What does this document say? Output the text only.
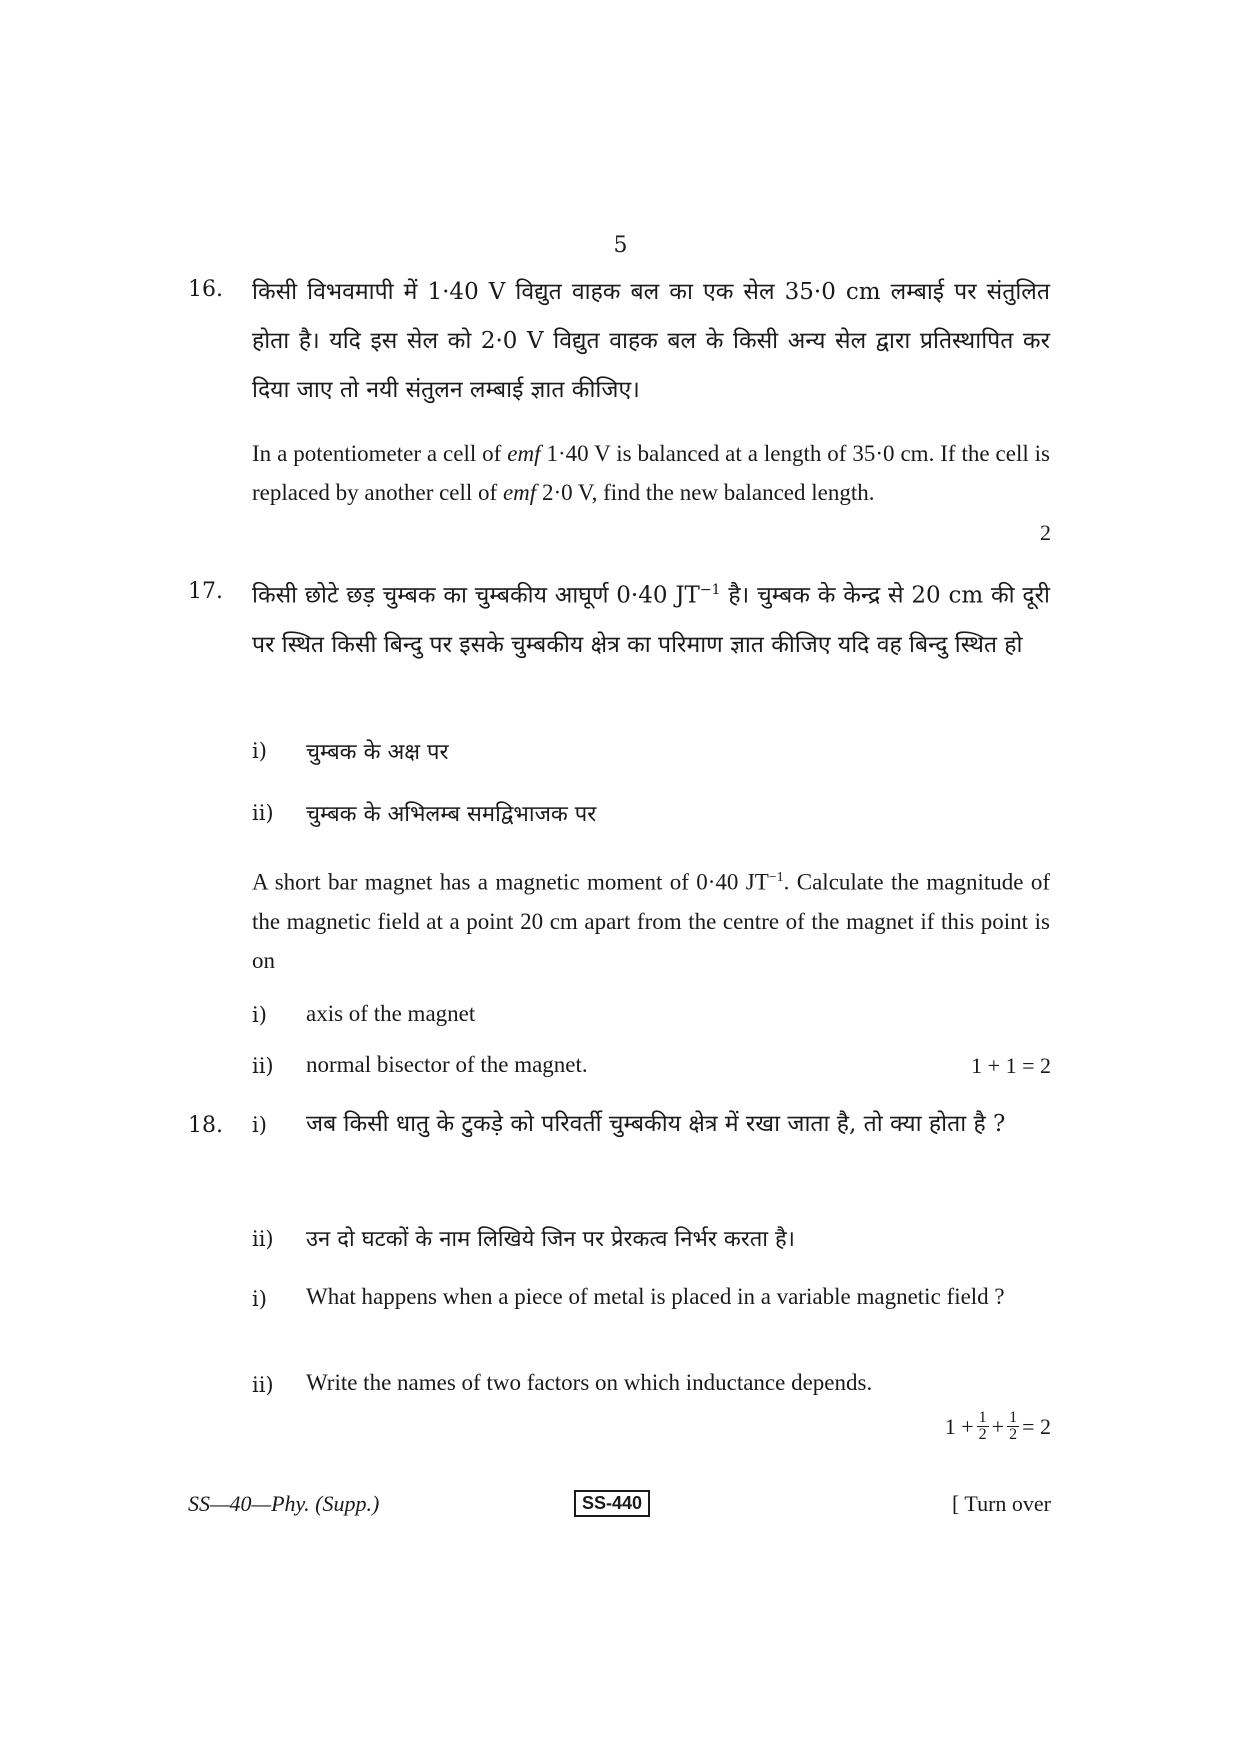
5
16. किसी विभवमापी में 1·40 V विद्युत वाहक बल का एक सेल 35·0 cm लम्बाई पर संतुलित होता है। यदि इस सेल को 2·0 V विद्युत वाहक बल के किसी अन्य सेल द्वारा प्रतिस्थापित कर दिया जाए तो नयी संतुलन लम्बाई ज्ञात कीजिए।
In a potentiometer a cell of emf 1·40 V is balanced at a length of 35·0 cm. If the cell is replaced by another cell of emf 2·0 V, find the new balanced length.
2
17. किसी छोटे छड़ चुम्बक का चुम्बकीय आघूर्ण 0·40 $JT^{-1}$ है। चुम्बक के केन्द्र से 20 cm की दूरी पर स्थित किसी बिन्दु पर इसके चुम्बकीय क्षेत्र का परिमाण ज्ञात कीजिए यदि वह बिन्दु स्थित हो
i) चुम्बक के अक्ष पर
ii) चुम्बक के अभिलम्ब समद्विभाजक पर
A short bar magnet has a magnetic moment of 0·40 $JT^{-1}$. Calculate the magnitude of the magnetic field at a point 20 cm apart from the centre of the magnet if this point is on
i) axis of the magnet
ii) normal bisector of the magnet.	1 + 1 = 2
18. i) जब किसी धातु के टुकड़े को परिवर्ती चुम्बकीय क्षेत्र में रखा जाता है, तो क्या होता है ?
ii) उन दो घटकों के नाम लिखिये जिन पर प्रेरकत्व निर्भर करता है।
i) What happens when a piece of metal is placed in a variable magnetic field ?
ii) Write the names of two factors on which inductance depends.
$1 + \frac{1}{2} + \frac{1}{2} = 2$
SS—40—Phy. (Supp.)	SS-440	[ Turn over
